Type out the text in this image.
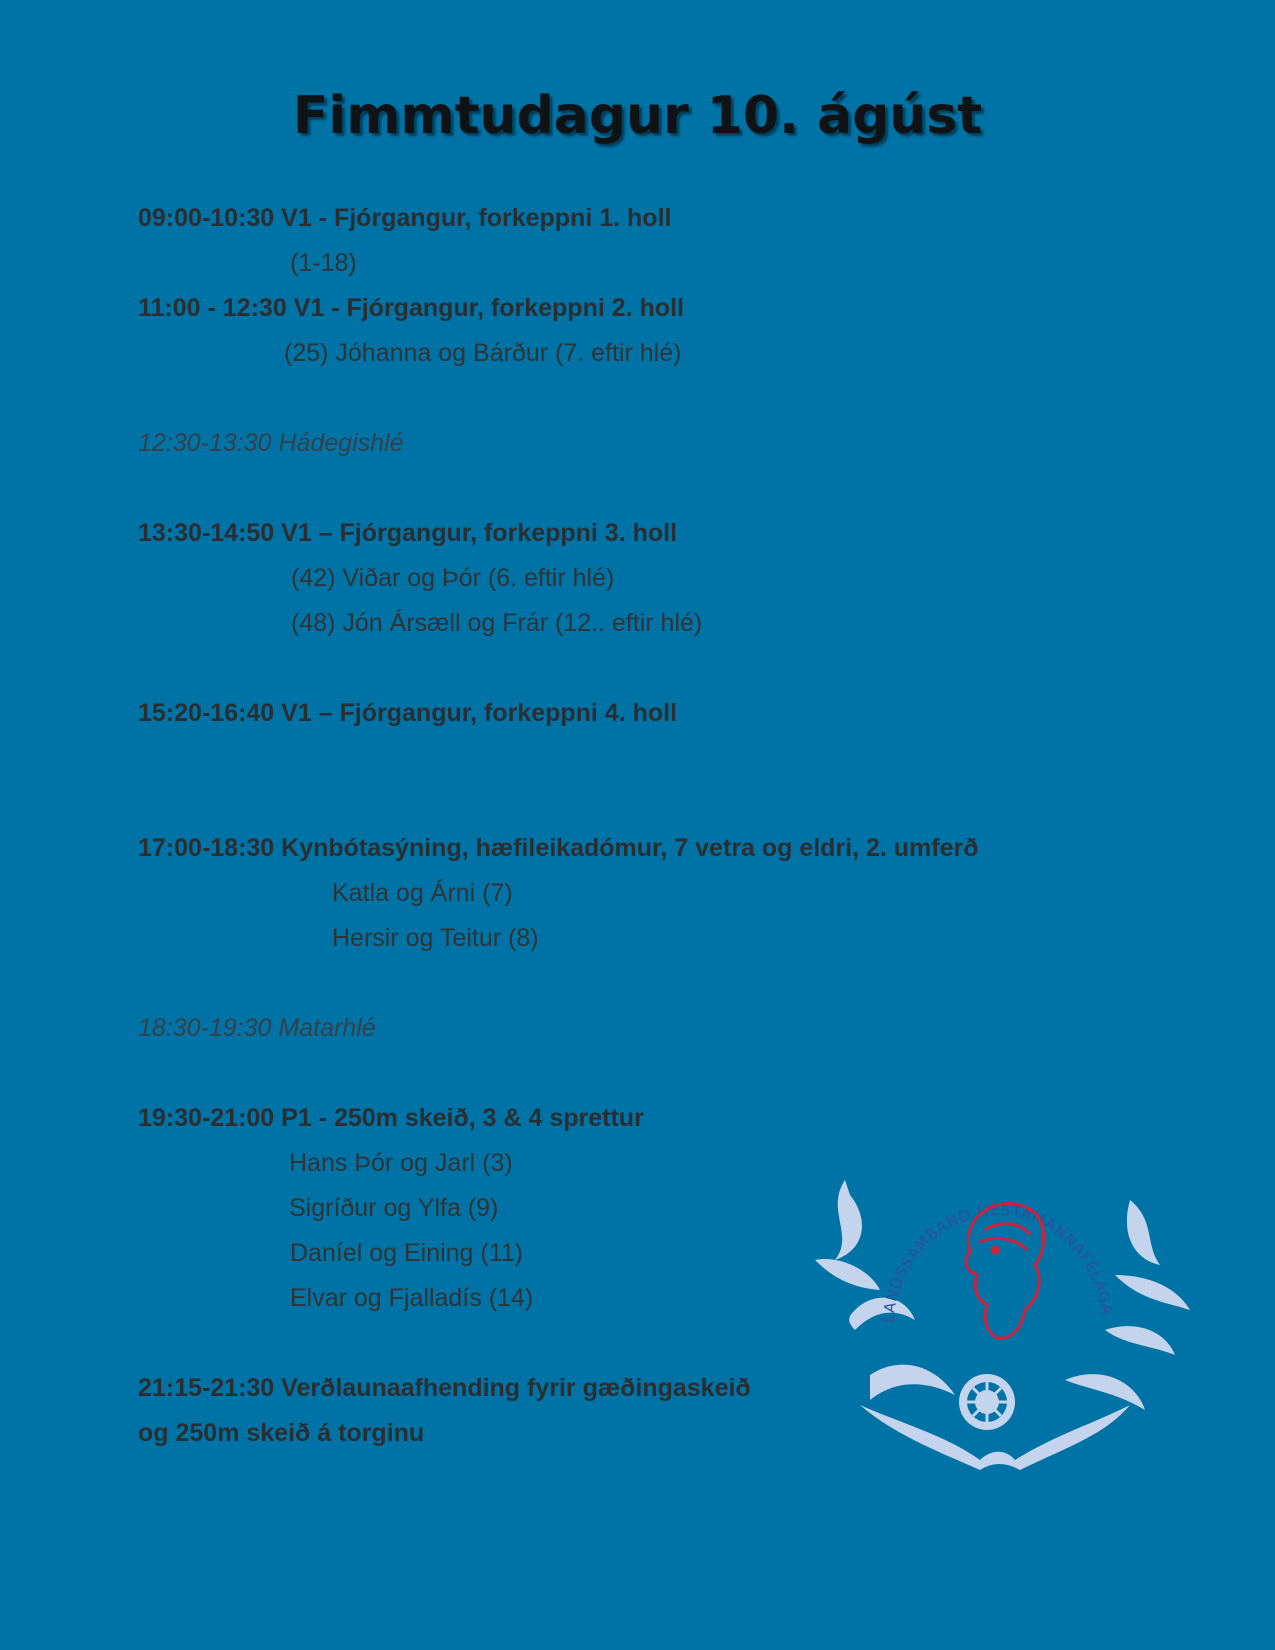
Fimmtudagur 10. ágúst
09:00-10:30 V1 - Fjórgangur, forkeppni 1. holl
(1-18)
11:00 - 12:30 V1 - Fjórgangur, forkeppni 2. holl
(25) Jóhanna og Bárður (7. eftir hlé)
12:30-13:30 Hádegishlé
13:30-14:50 V1 – Fjórgangur, forkeppni 3. holl
(42) Viðar og Þór (6. eftir hlé)
(48) Jón Ársæll og Frár (12.. eftir hlé)
15:20-16:40 V1 – Fjórgangur, forkeppni 4. holl
17:00-18:30 Kynbótasýning, hæfileikadómur, 7 vetra og eldri, 2. umferð
Katla og Árni (7)
Hersir og Teitur (8)
18:30-19:30 Matarhlé
19:30-21:00 P1 - 250m skeið, 3 & 4 sprettur
Hans Þór og Jarl (3)
Sigríður og Ylfa (9)
Daníel og Eining (11)
Elvar og Fjalladís (14)
21:15-21:30 Verðlaunaafhending fyrir gæðingaskeið
og 250m skeið á torginu
LANDSSAMBAND HESTAMANNAFÉLAGA
